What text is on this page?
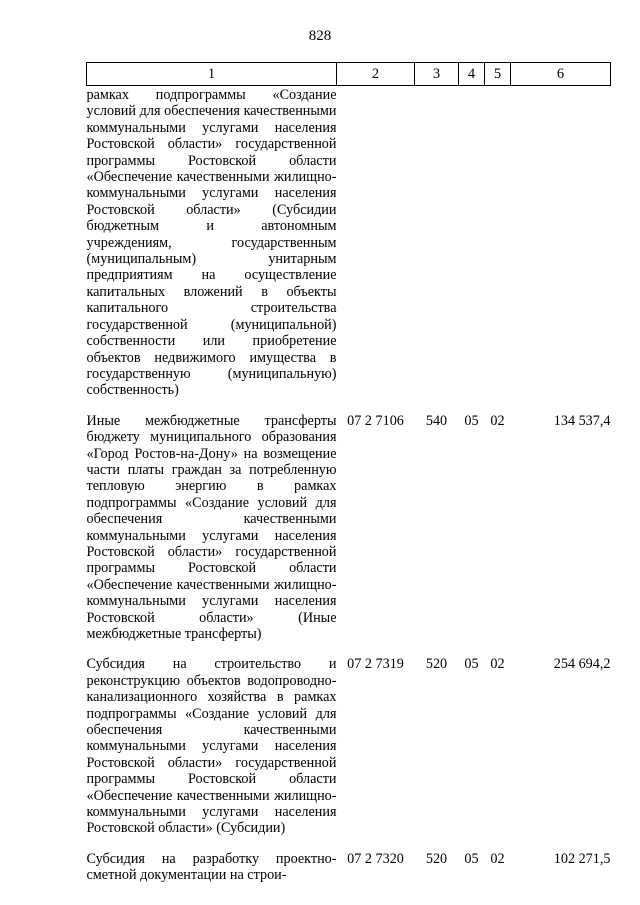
828
1	2	3	4	5	6
рамках подпрограммы «Создание условий для обеспечения качественными коммунальными услугами населения Ростовской области» государственной программы Ростовской области «Обеспечение качественными жилищно-коммунальными услугами населения Ростовской области» (Субсидии бюджетным и автономным учреждениям, государственным (муниципальным) унитарным предприятиям на осуществление капитальных вложений в объекты капитального строительства государственной (муниципальной) собственности или приобретение объектов недвижимого имущества в государственную (муниципальную) собственность)					
Иные межбюджетные трансферты бюджету муниципального образования «Город Ростов-на-Дону» на возмещение части платы граждан за потребленную тепловую энергию в рамках подпрограммы «Создание условий для обеспечения качественными коммунальными услугами населения Ростовской области» государственной программы Ростовской области «Обеспечение качественными жилищно-коммунальными услугами населения Ростовской области» (Иные межбюджетные трансферты)	07 2 7106	540	05	02	134 537,4
Субсидия на строительство и реконструкцию объектов водопроводно-канализационного хозяйства в рамках подпрограммы «Создание условий для обеспечения качественными коммунальными услугами населения Ростовской области» государственной программы Ростовской области «Обеспечение качественными жилищно-коммунальными услугами населения Ростовской области» (Субсидии)	07 2 7319	520	05	02	254 694,2
Субсидия на разработку проектно-сметной документации на строи-	07 2 7320	520	05	02	102 271,5
